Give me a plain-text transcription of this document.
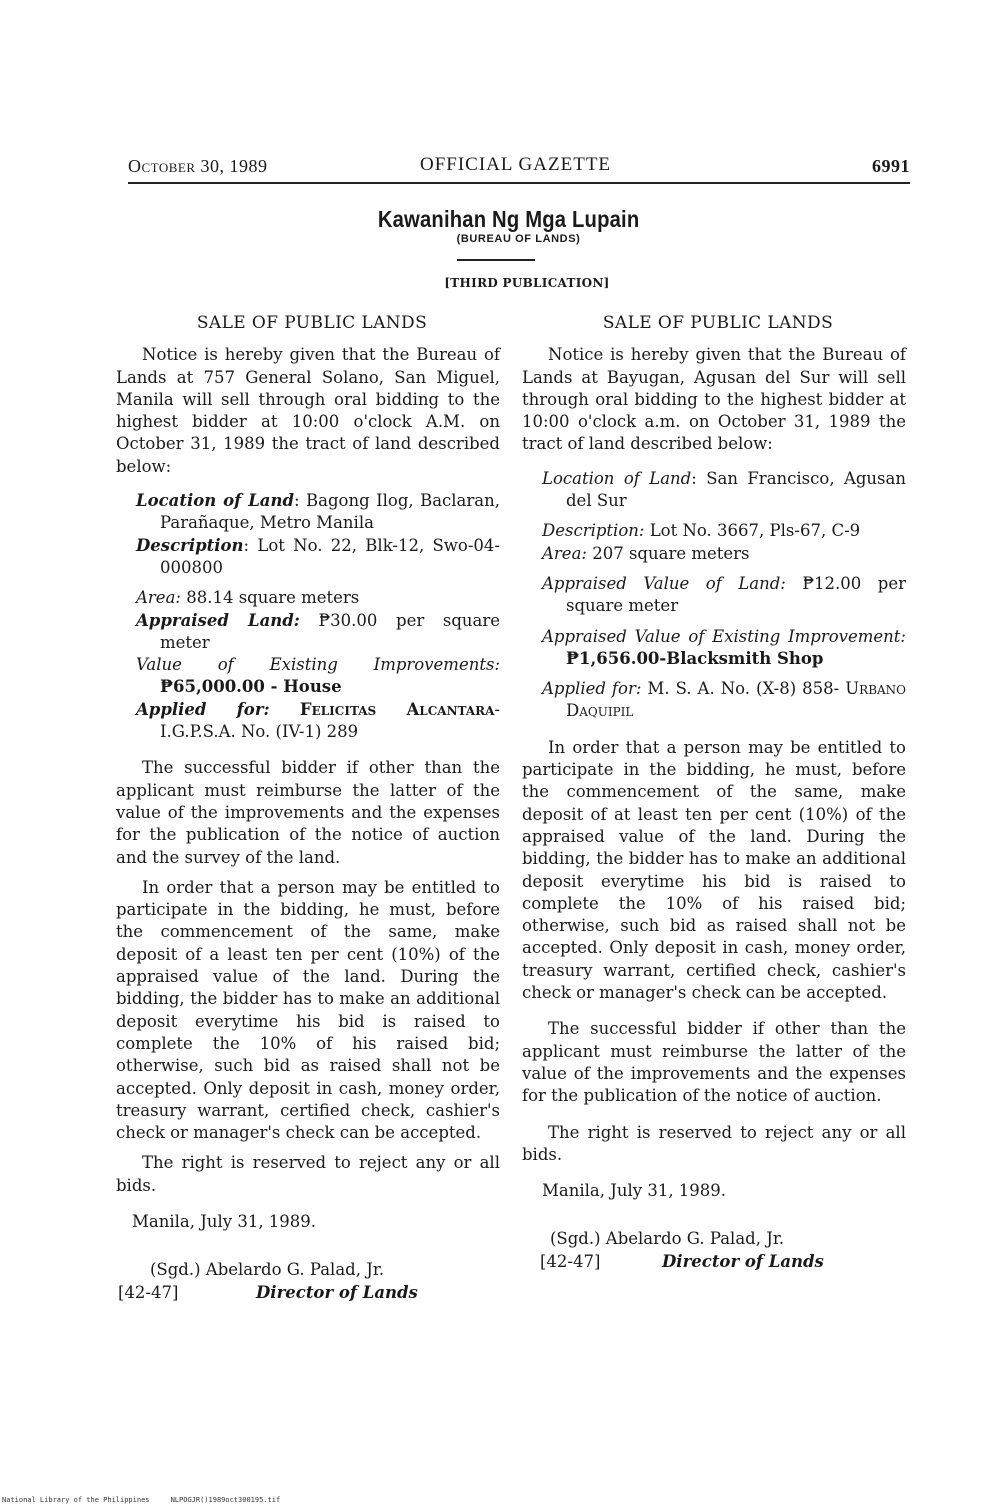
October 30, 1989	OFFICIAL GAZETTE	6991
Kawanihan Ng Mga Lupain
(BUREAU OF LANDS)
[THIRD PUBLICATION]
SALE OF PUBLIC LANDS

Notice is hereby given that the Bureau of Lands at 757 General Solano, San Miguel, Manila will sell through oral bidding to the highest bidder at 10:00 o'clock A.M. on October 31, 1989 the tract of land described below:

Location of Land: Bagong Ilog, Baclaran, Parañaque, Metro Manila

Description: Lot No. 22, Blk-12, Swo-04-000800

Area: 88.14 square meters

Appraised Land: ₱30.00 per square meter

Value of Existing Improvements: ₱65,000.00 - House

Applied for: Felicitas Alcantara-I.G.P.S.A. No. (IV-1) 289

The successful bidder if other than the applicant must reimburse the latter of the value of the improvements and the expenses for the publication of the notice of auction and the survey of the land.

In order that a person may be entitled to participate in the bidding, he must, before the commencement of the same, make deposit of a least ten per cent (10%) of the appraised value of the land. During the bidding, the bidder has to make an additional deposit everytime his bid is raised to complete the 10% of his raised bid; otherwise, such bid as raised shall not be accepted. Only deposit in cash, money order, treasury warrant, certified check, cashier's check or manager's check can be accepted.

The right is reserved to reject any or all bids.

Manila, July 31, 1989.

(Sgd.) Abelardo G. Palad, Jr.
[42-47]	Director of Lands
SALE OF PUBLIC LANDS

Notice is hereby given that the Bureau of Lands at Bayugan, Agusan del Sur will sell through oral bidding to the highest bidder at 10:00 o'clock a.m. on October 31, 1989 the tract of land described below:

Location of Land: San Francisco, Agusan del Sur

Description: Lot No. 3667, Pls-67, C-9

Area: 207 square meters

Appraised Value of Land: ₱12.00 per square meter

Appraised Value of Existing Improvement: ₱1,656.00-Blacksmith Shop

Applied for: M. S. A. No. (X-8) 858- Urbano Daquipil

In order that a person may be entitled to participate in the bidding, he must, before the commencement of the same, make deposit of at least ten per cent (10%) of the appraised value of the land. During the bidding, the bidder has to make an additional deposit everytime his bid is raised to complete the 10% of his raised bid; otherwise, such bid as raised shall not be accepted. Only deposit in cash, money order, treasury warrant, certified check, cashier's check or manager's check can be accepted.

The successful bidder if other than the applicant must reimburse the latter of the value of the improvements and the expenses for the publication of the notice of auction.

The right is reserved to reject any or all bids.

Manila, July 31, 1989.

(Sgd.) Abelardo G. Palad, Jr.
[42-47]	Director of Lands
National Library of the Philippines	NLPOGJR()1989oct300195.tif
